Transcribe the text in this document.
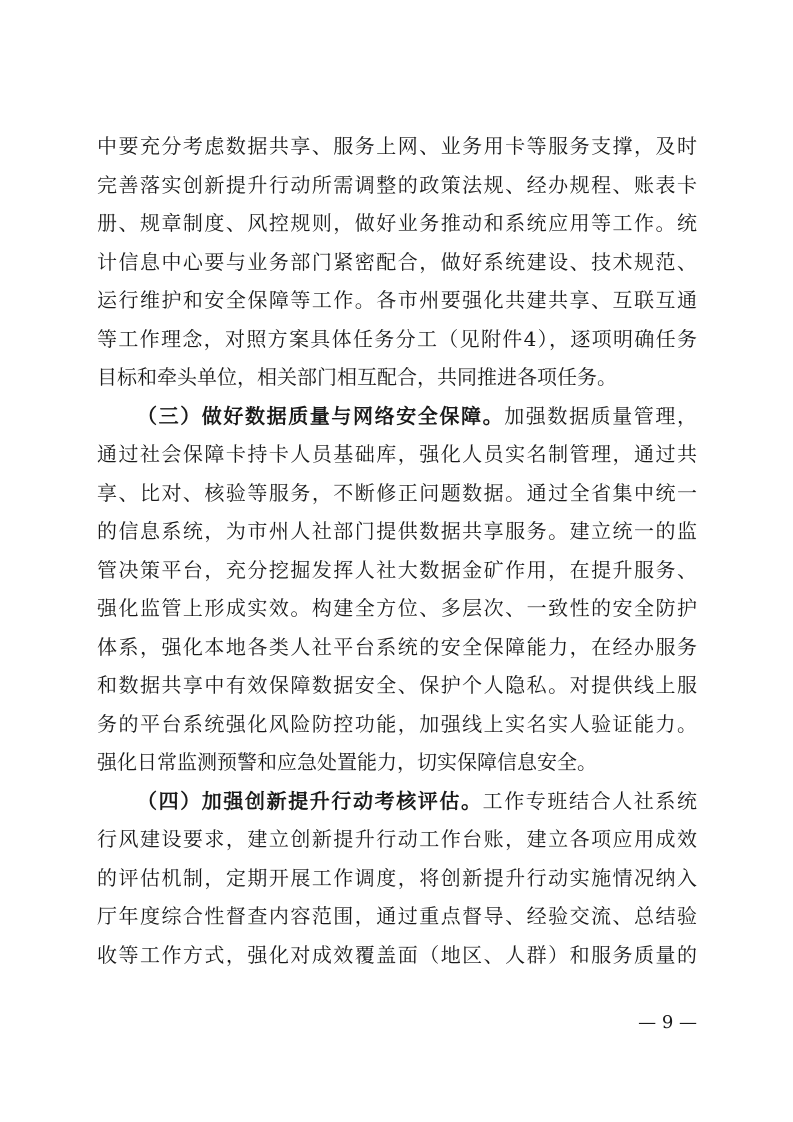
中要充分考虑数据共享、服务上网、业务用卡等服务支撑，及时
完善落实创新提升行动所需调整的政策法规、经办规程、账表卡
册、规章制度、风控规则，做好业务推动和系统应用等工作。统
计信息中心要与业务部门紧密配合，做好系统建设、技术规范、
运行维护和安全保障等工作。各市州要强化共建共享、互联互通
等工作理念，对照方案具体任务分工（见附件4），逐项明确任务
目标和牵头单位，相关部门相互配合，共同推进各项任务。
（三）做好数据质量与网络安全保障。加强数据质量管理，
通过社会保障卡持卡人员基础库，强化人员实名制管理，通过共
享、比对、核验等服务，不断修正问题数据。通过全省集中统一
的信息系统，为市州人社部门提供数据共享服务。建立统一的监
管决策平台，充分挖掘发挥人社大数据金矿作用，在提升服务、
强化监管上形成实效。构建全方位、多层次、一致性的安全防护
体系，强化本地各类人社平台系统的安全保障能力，在经办服务
和数据共享中有效保障数据安全、保护个人隐私。对提供线上服
务的平台系统强化风险防控功能，加强线上实名实人验证能力。
强化日常监测预警和应急处置能力，切实保障信息安全。
（四）加强创新提升行动考核评估。工作专班结合人社系统
行风建设要求，建立创新提升行动工作台账，建立各项应用成效
的评估机制，定期开展工作调度，将创新提升行动实施情况纳入
厅年度综合性督查内容范围，通过重点督导、经验交流、总结验
收等工作方式，强化对成效覆盖面（地区、人群）和服务质量的
— 9 —
